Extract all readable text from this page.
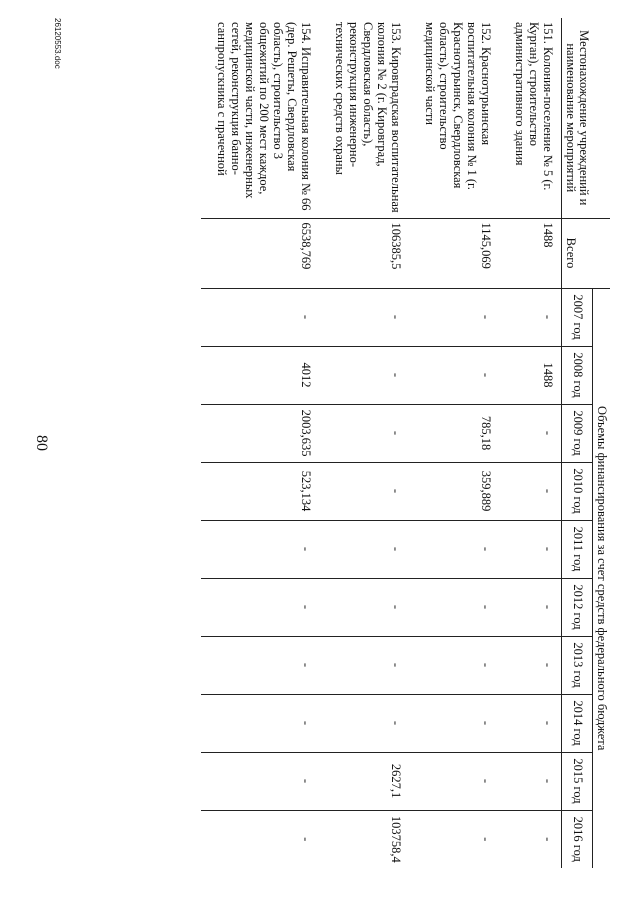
80
			Объемы финансирования за счет средств федерального бюджета									
Местонахождение учреждений и наименование мероприятий	Всего	2007 год	2008 год	2009 год	2010 год	2011 год	2012 год	2013 год	2014 год	2015 год	2016 год
151. Колония-поселение № 5 (г. Курган), строительство административного здания	1488	-	1488	-	-	-	-	-	-	-	-
152. Краснотурьинская воспитательная колония № 1 (г. Краснотурьинск, Свердловская область), строительство медицинской части	1145,069	-	-	785,18	359,889	-	-	-	-	-	-
153. Кировградская воспитательная колония № 2 (г. Кировград, Свердловская область), реконструкция инженерно-технических средств охраны	106385,5	-	-	-	-	-	-	-	-	2627,1	103758,4
154. Исправительная колония № 66 (дер. Решеты, Свердловская область), строительство 3 общежитий по 200 мест каждое, медицинской части, инженерных сетей, реконструкция банно-санпропускника с прачечной	6538,769	-	4012	2003,635	523,134	-	-	-	-	-	-
26120553.doc
